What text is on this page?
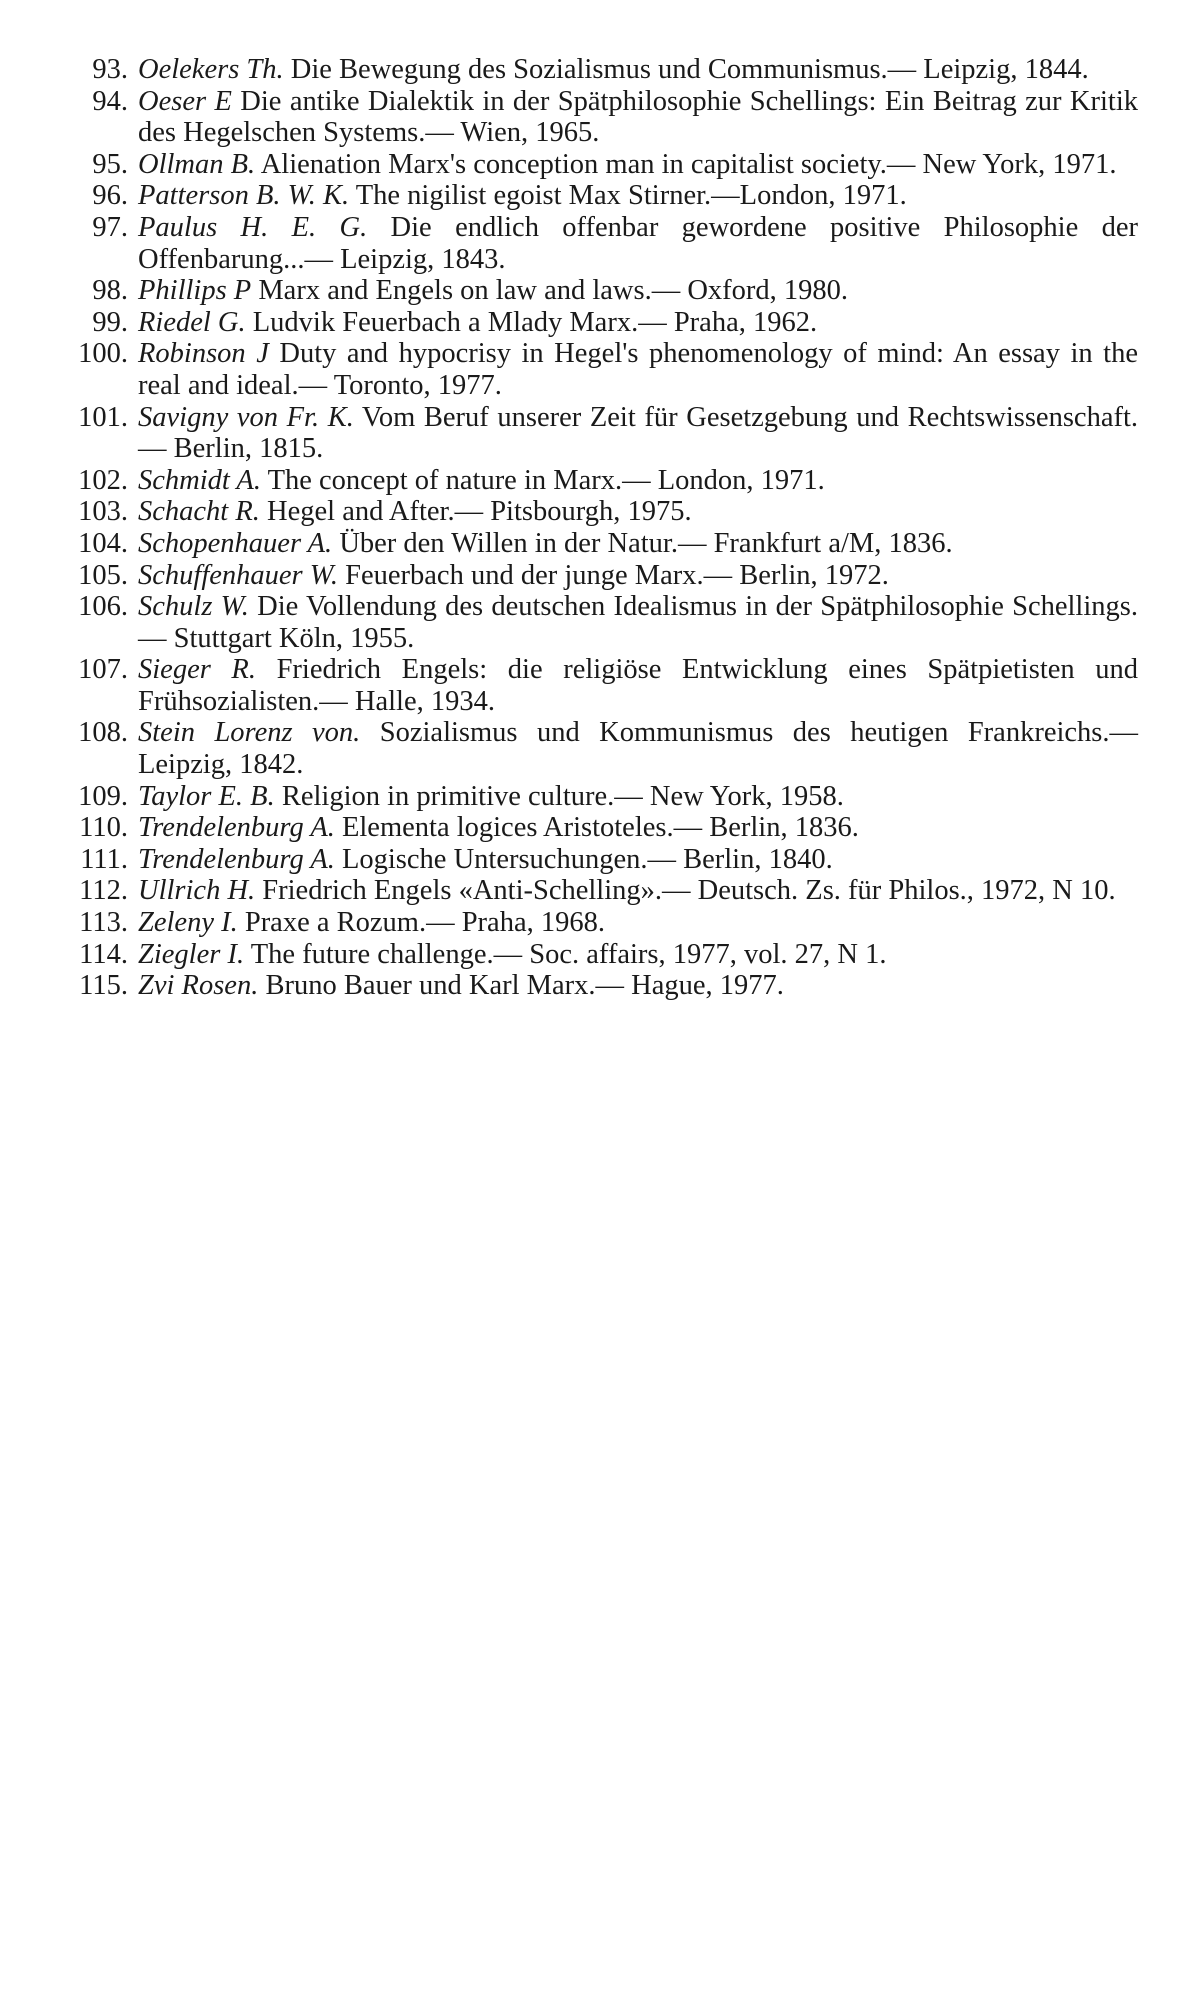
93. Oelekers Th. Die Bewegung des Sozialismus und Communismus.— Leipzig, 1844.
94. Oeser E Die antike Dialektik in der Spätphilosophie Schellings: Ein Beitrag zur Kritik des Hegelschen Systems.— Wien, 1965.
95. Ollman B. Alienation Marx's conception man in capitalist society.— New York, 1971.
96. Patterson B. W. K. The nigilist egoist Max Stirner.—London, 1971.
97. Paulus H. E. G. Die endlich offenbar gewordene positive Philosophie der Offenbarung...— Leipzig, 1843.
98. Phillips P Marx and Engels on law and laws.— Oxford, 1980.
99. Riedel G. Ludvik Feuerbach a Mlady Marx.— Praha, 1962.
100. Robinson J Duty and hypocrisy in Hegel's phenomenology of mind: An essay in the real and ideal.— Toronto, 1977.
101. Savigny von Fr. K. Vom Beruf unserer Zeit für Gesetzgebung und Rechtswissenschaft.— Berlin, 1815.
102. Schmidt A. The concept of nature in Marx.— London, 1971.
103. Schacht R. Hegel and After.— Pitsbourgh, 1975.
104. Schopenhauer A. Über den Willen in der Natur.— Frankfurt a/M, 1836.
105. Schuffenhauer W. Feuerbach und der junge Marx.— Berlin, 1972.
106. Schulz W. Die Vollendung des deutschen Idealismus in der Spätphilosophie Schellings.— Stuttgart Köln, 1955.
107. Sieger R. Friedrich Engels: die religiöse Entwicklung eines Spätpietisten und Frühsozialisten.— Halle, 1934.
108. Stein Lorenz von. Sozialismus und Kommunismus des heutigen Frankreichs.— Leipzig, 1842.
109. Taylor E. B. Religion in primitive culture.— New York, 1958.
110. Trendelenburg A. Elementa logices Aristoteles.— Berlin, 1836.
111. Trendelenburg A. Logische Untersuchungen.— Berlin, 1840.
112. Ullrich H. Friedrich Engels «Anti-Schelling».— Deutsch. Zs. für Philos., 1972, N 10.
113. Zeleny I. Praxe a Rozum.— Praha, 1968.
114. Ziegler I. The future challenge.— Soc. affairs, 1977, vol. 27, N 1.
115. Zvi Rosen. Bruno Bauer und Karl Marx.— Hague, 1977.
